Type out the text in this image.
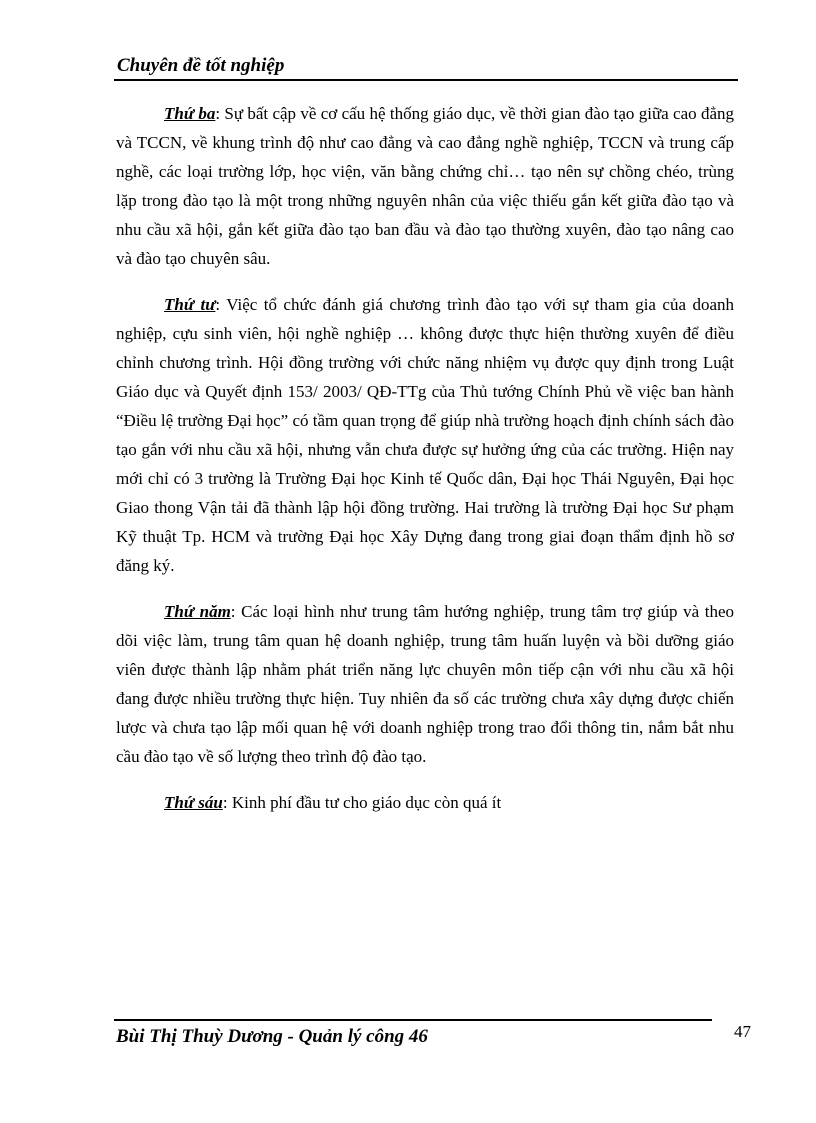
Chuyên đề tốt nghiệp

Thứ ba: Sự bất cập về cơ cấu hệ thống giáo dục, về thời gian đào tạo giữa cao đẳng và TCCN, về khung trình độ như cao đẳng và cao đẳng nghề nghiệp, TCCN và trung cấp nghề, các loại trường lớp, học viện, văn bằng chứng chỉ… tạo nên sự chồng chéo, trùng lặp trong đào tạo là một trong những nguyên nhân của việc thiếu gắn kết giữa đào tạo và nhu cầu xã hội, gắn kết giữa đào tạo ban đầu và đào tạo thường xuyên, đào tạo nâng cao và đào tạo chuyên sâu.

Thứ tư: Việc tổ chức đánh giá chương trình đào tạo với sự tham gia của doanh nghiệp, cựu sinh viên, hội nghề nghiệp … không được thực hiện thường xuyên để điều chỉnh chương trình. Hội đồng trường với chức năng nhiệm vụ được quy định trong Luật Giáo dục và Quyết định 153/ 2003/ QĐ-TTg của Thủ tướng Chính Phủ về việc ban hành “Điều lệ trường Đại học” có tầm quan trọng để giúp nhà trường hoạch định chính sách đào tạo gắn với nhu cầu xã hội, nhưng vẫn chưa được sự hưởng ứng của các trường. Hiện nay mới chỉ có 3 trường là Trường Đại học Kinh tế Quốc dân, Đại học Thái Nguyên, Đại học Giao thong Vận tải đã thành lập hội đồng trường. Hai trường là trường Đại học Sư phạm Kỹ thuật Tp. HCM và trường Đại học Xây Dựng đang trong giai đoạn thẩm định hồ sơ đăng ký.

Thứ năm: Các loại hình như trung tâm hướng nghiệp, trung tâm trợ giúp và theo dõi việc làm, trung tâm quan hệ doanh nghiệp, trung tâm huấn luyện và bồi dưỡng giáo viên được thành lập nhằm phát triển năng lực chuyên môn tiếp cận với nhu cầu xã hội đang được nhiều trường thực hiện. Tuy nhiên đa số các trường chưa xây dựng được chiến lược và chưa tạo lập mối quan hệ với doanh nghiệp trong trao đổi thông tin, nắm bắt nhu cầu đào tạo về số lượng theo trình độ đào tạo.

Thứ sáu: Kinh phí đầu tư cho giáo dục còn quá ít

Bùi Thị Thuỳ Dương - Quản lý công 46	47
